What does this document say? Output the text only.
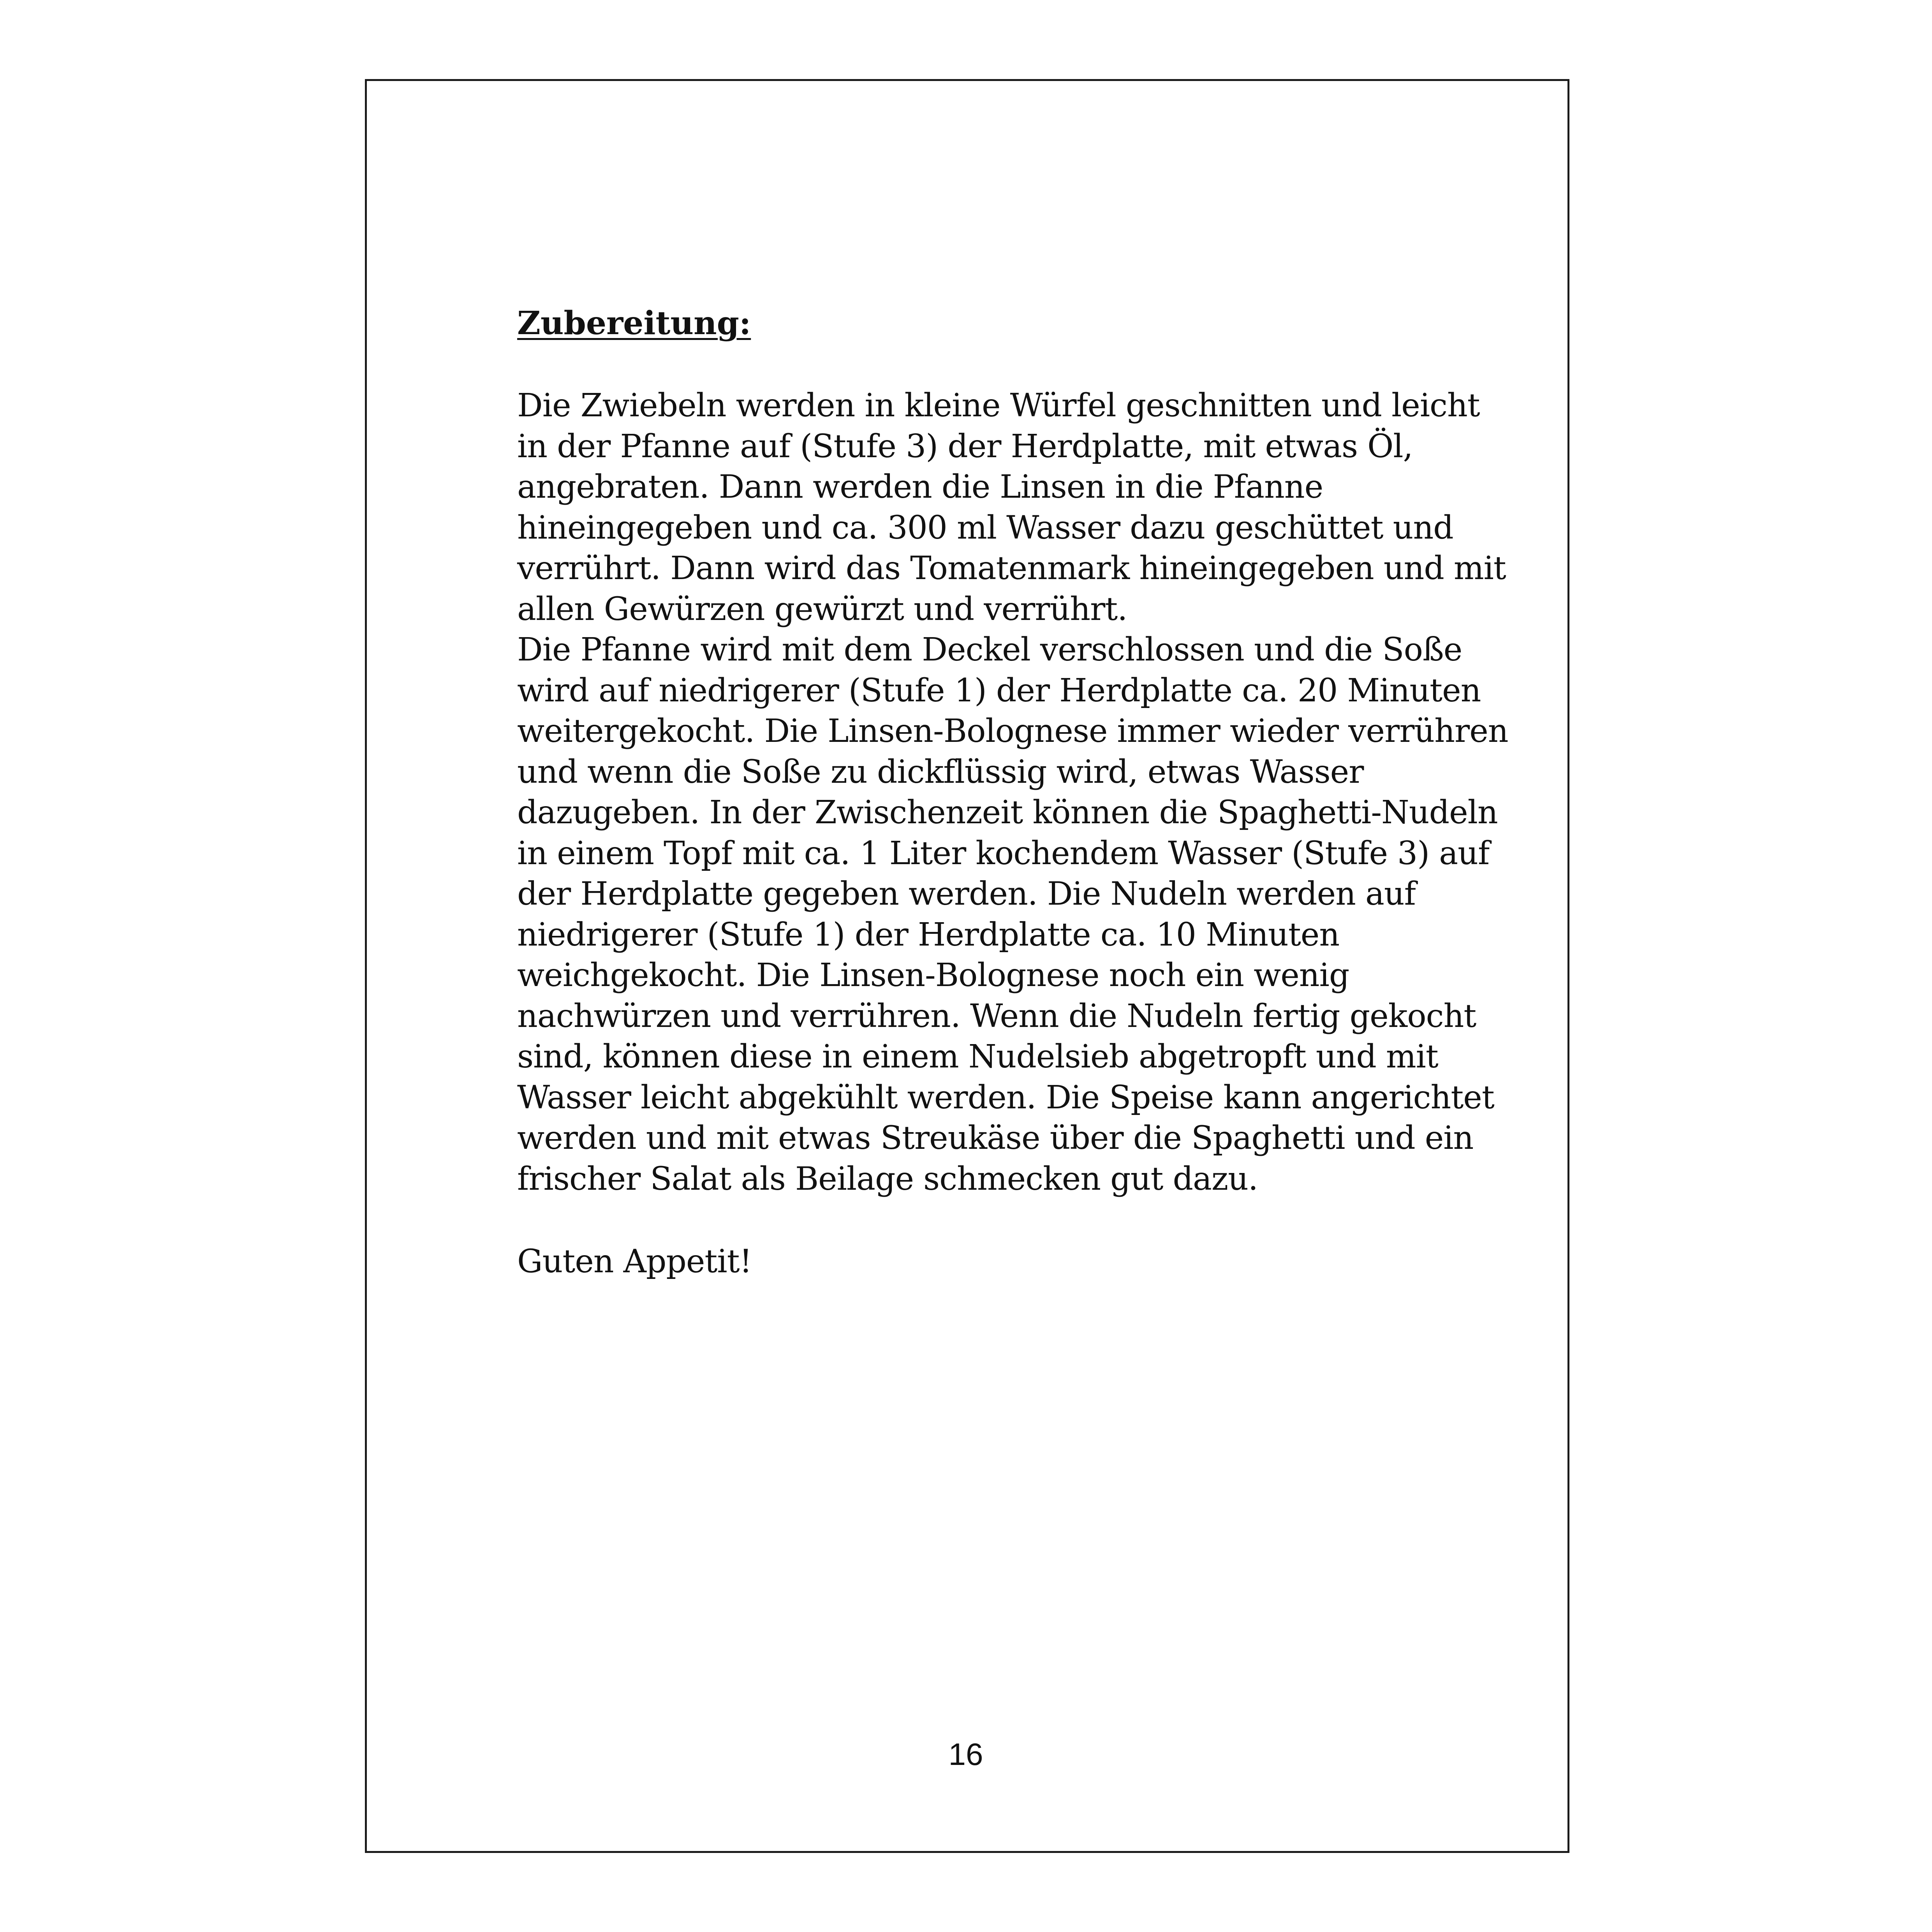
Zubereitung:

Die Zwiebeln werden in kleine Würfel geschnitten und leicht

in der Pfanne auf (Stufe 3) der Herdplatte, mit etwas Öl,

angebraten. Dann werden die Linsen in die Pfanne

hineingegeben und ca. 300 ml Wasser dazu geschüttet und

verrührt. Dann wird das Tomatenmark hineingegeben und mit

allen Gewürzen gewürzt und verrührt.

Die Pfanne wird mit dem Deckel verschlossen und die Soße

wird auf niedrigerer (Stufe 1) der Herdplatte ca. 20 Minuten

weitergekocht. Die Linsen-Bolognese immer wieder verrühren

und wenn die Soße zu dickflüssig wird, etwas Wasser

dazugeben. In der Zwischenzeit können die Spaghetti-Nudeln

in einem Topf mit ca. 1 Liter kochendem Wasser (Stufe 3) auf

der Herdplatte gegeben werden. Die Nudeln werden auf

niedrigerer (Stufe 1) der Herdplatte ca. 10 Minuten

weichgekocht. Die Linsen-Bolognese noch ein wenig

nachwürzen und verrühren. Wenn die Nudeln fertig gekocht

sind, können diese in einem Nudelsieb abgetropft und mit

Wasser leicht abgekühlt werden. Die Speise kann angerichtet

werden und mit etwas Streukäse über die Spaghetti und ein

frischer Salat als Beilage schmecken gut dazu.

Guten Appetit!

16
